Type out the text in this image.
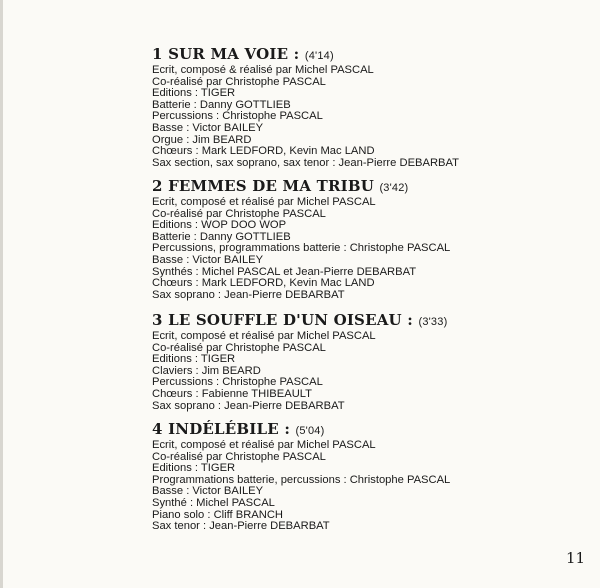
1 SUR MA VOIE : (4'14)
Ecrit, composé & réalisé par Michel PASCAL
Co-réalisé par Christophe PASCAL
Editions : TIGER
Batterie : Danny GOTTLIEB
Percussions : Christophe PASCAL
Basse : Victor BAILEY
Orgue : Jim BEARD
Chœurs : Mark LEDFORD, Kevin Mac LAND
Sax section, sax soprano, sax tenor : Jean-Pierre DEBARBAT
2 FEMMES DE MA TRIBU (3'42)
Ecrit, composé et réalisé par Michel PASCAL
Co-réalisé par Christophe PASCAL
Editions : WOP DOO WOP
Batterie : Danny GOTTLIEB
Percussions, programmations batterie : Christophe PASCAL
Basse : Victor BAILEY
Synthés : Michel PASCAL et Jean-Pierre DEBARBAT
Chœurs : Mark LEDFORD, Kevin Mac LAND
Sax soprano : Jean-Pierre DEBARBAT
3 LE SOUFFLE D'UN OISEAU : (3'33)
Ecrit, composé et réalisé par Michel PASCAL
Co-réalisé par Christophe PASCAL
Editions : TIGER
Claviers : Jim BEARD
Percussions : Christophe PASCAL
Chœurs : Fabienne THIBEAULT
Sax soprano : Jean-Pierre DEBARBAT
4 INDÉLÉBILE : (5'04)
Ecrit, composé et réalisé par Michel PASCAL
Co-réalisé par Christophe PASCAL
Editions : TIGER
Programmations batterie, percussions : Christophe PASCAL
Basse : Victor BAILEY
Synthé : Michel PASCAL
Piano solo : Cliff BRANCH
Sax tenor : Jean-Pierre DEBARBAT
11
